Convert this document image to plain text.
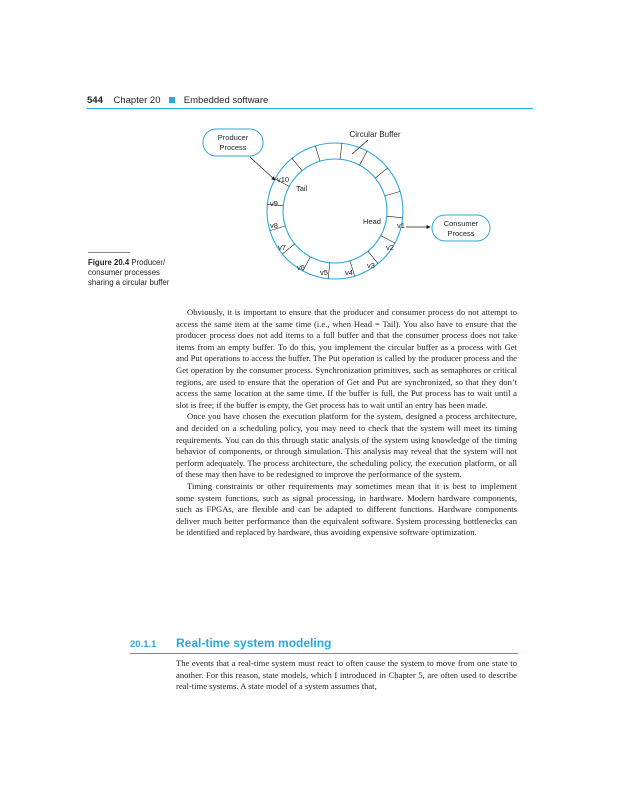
544 Chapter 20 Embedded software
Circular Buffer
Producer
Process
Consumer
Process
Tail
Head v1
v2
v3
v4
v5
v6
v7
v8
v9
v10
Figure 20.4 Producer/ consumer processes sharing a circular buffer

Obviously, it is important to ensure that the producer and consumer process do not attempt to access the same item at the same time (i.e., when Head = Tail). You also have to ensure that the producer process does not add items to a full buffer and that the consumer process does not take items from an empty buffer. To do this, you implement the circular buffer as a process with Get and Put operations to access the buffer. The Put operation is called by the producer process and the Get operation by the consumer process. Synchronization primitives, such as semaphores or critical regions, are used to ensure that the operation of Get and Put are synchronized, so that they don’t access the same location at the same time. If the buffer is full, the Put process has to wait until a slot is free; if the buffer is empty, the Get process has to wait until an entry has been made.

Once you have chosen the execution platform for the system, designed a process architecture, and decided on a scheduling policy, you may need to check that the system will meet its timing requirements. You can do this through static analysis of the system using knowledge of the timing behavior of components, or through simulation. This analysis may reveal that the system will not perform adequately. The process architecture, the scheduling policy, the execution platform, or all of these may then have to be redesigned to improve the performance of the system.

Timing constraints or other requirements may sometimes mean that it is best to implement some system functions, such as signal processing, in hardware. Modern hardware components, such as FPGAs, are flexible and can be adapted to different functions. Hardware components deliver much better performance than the equivalent software. System processing bottlenecks can be identified and replaced by hardware, thus avoiding expensive software optimization.

20.1.1 Real-time system modeling

The events that a real-time system must react to often cause the system to move from one state to another. For this reason, state models, which I introduced in Chapter 5, are often used to describe real-time systems. A state model of a system assumes that,
